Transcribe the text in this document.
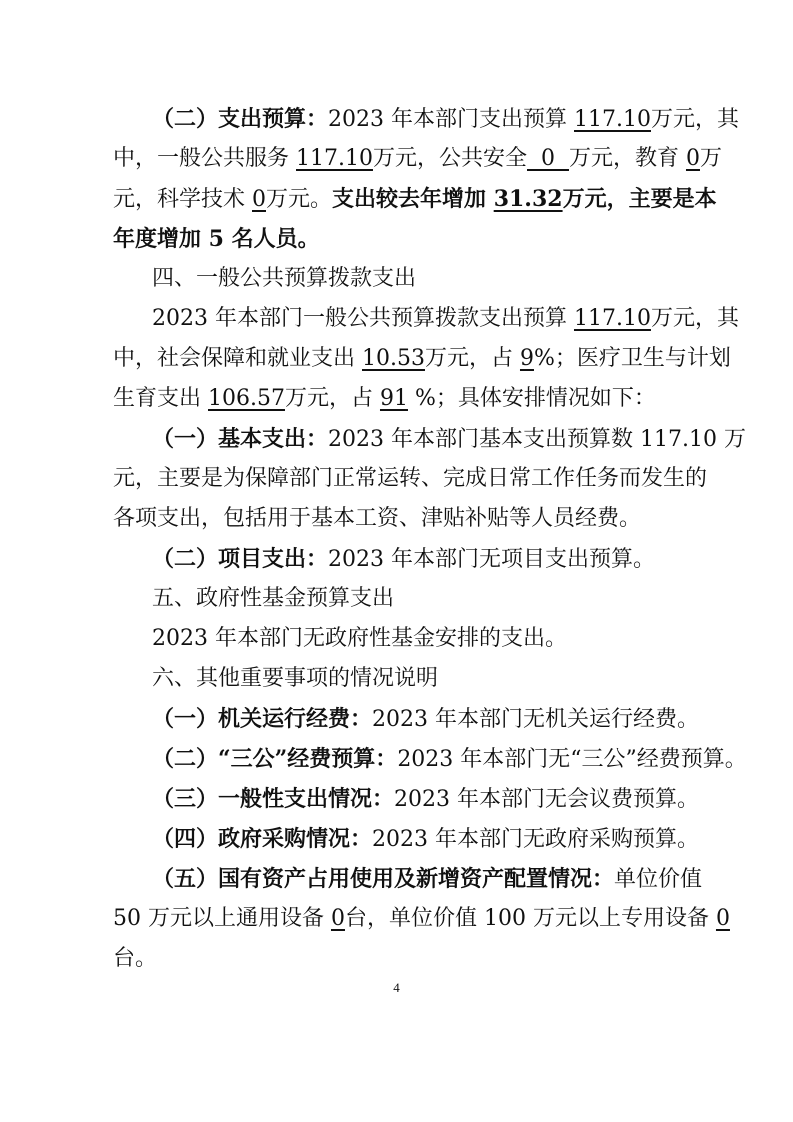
（二）支出预算：2023 年本部门支出预算 117.10万元，其
中，一般公共服务 117.10万元，公共安全  0  万元，教育 0万
元，科学技术 0万元。支出较去年增加 31.32万元，主要是本
年度增加 5 名人员。
四、一般公共预算拨款支出
2023 年本部门一般公共预算拨款支出预算 117.10万元，其
中，社会保障和就业支出 10.53万元，占 9%；医疗卫生与计划
生育支出 106.57万元，占 91 %；具体安排情况如下：
（一）基本支出：2023 年本部门基本支出预算数 117.10 万
元，主要是为保障部门正常运转、完成日常工作任务而发生的
各项支出，包括用于基本工资、津贴补贴等人员经费。
（二）项目支出：2023 年本部门无项目支出预算。
五、政府性基金预算支出
2023 年本部门无政府性基金安排的支出。
六、其他重要事项的情况说明
（一）机关运行经费：2023 年本部门无机关运行经费。
（二）“三公”经费预算：2023 年本部门无“三公”经费预算。
（三）一般性支出情况：2023 年本部门无会议费预算。
（四）政府采购情况：2023 年本部门无政府采购预算。
（五）国有资产占用使用及新增资产配置情况：单位价值
50 万元以上通用设备 0台，单位价值 100 万元以上专用设备 0
台。
4
